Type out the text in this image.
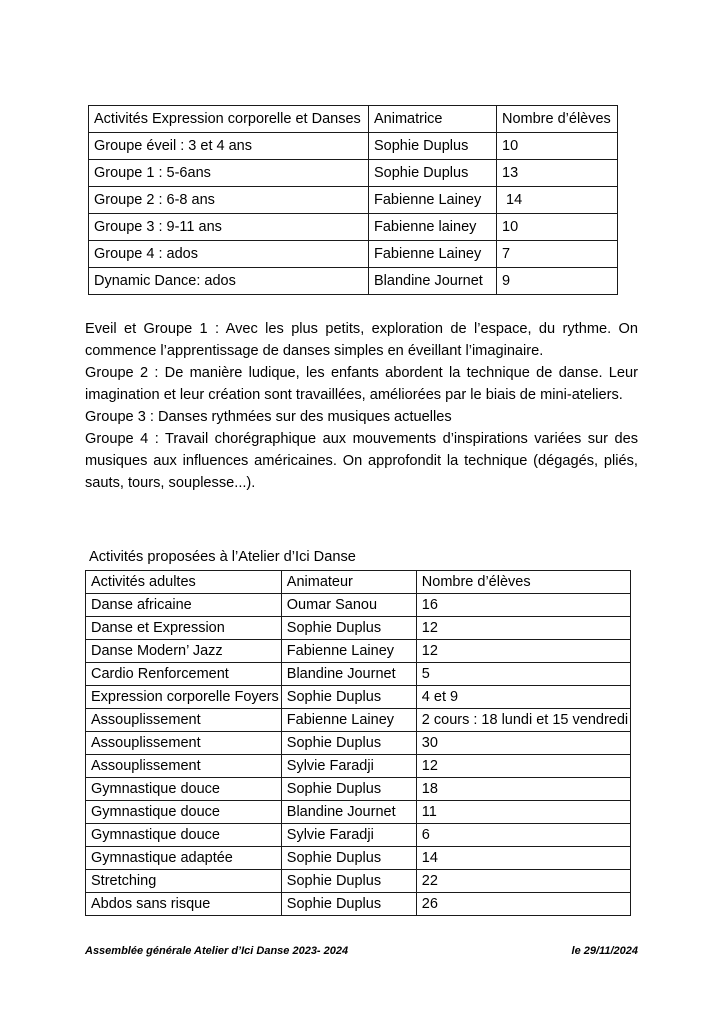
Activités Expression corporelle et Danses	Animatrice	Nombre d’élèves
Groupe éveil : 3 et 4 ans	Sophie Duplus	10
Groupe 1 : 5-6ans	Sophie Duplus	13
Groupe 2 : 6-8 ans	Fabienne Lainey	14
Groupe 3 : 9-11 ans	Fabienne lainey	10
Groupe 4 : ados	Fabienne Lainey	7
Dynamic Dance: ados	Blandine Journet	9

Eveil et Groupe 1 : Avec les plus petits, exploration de l’espace, du rythme. On commence l’apprentissage de danses simples en éveillant l’imaginaire.

Groupe 2 : De manière ludique, les enfants abordent la technique de danse. Leur imagination et leur création sont travaillées, améliorées par le biais de mini-ateliers.

Groupe 3 : Danses rythmées sur des musiques actuelles

Groupe 4 : Travail chorégraphique aux mouvements d’inspirations variées sur des musiques aux influences américaines. On approfondit la technique (dégagés, pliés, sauts, tours, souplesse...).

Activités proposées à l’Atelier d’Ici Danse
Activités adultes	Animateur	Nombre d’élèves
Danse africaine	Oumar Sanou	16
Danse et Expression	Sophie Duplus	12
Danse Modern’ Jazz	Fabienne Lainey	12
Cardio Renforcement	Blandine Journet	5
Expression corporelle Foyers	Sophie Duplus	4 et 9
Assouplissement	Fabienne Lainey	2 cours : 18 lundi et 15 vendredi
Assouplissement	Sophie Duplus	30
Assouplissement	Sylvie Faradji	12
Gymnastique douce	Sophie Duplus	18
Gymnastique douce	Blandine Journet	11
Gymnastique douce	Sylvie Faradji	6
Gymnastique adaptée	Sophie Duplus	14
Stretching	Sophie Duplus	22
Abdos sans risque	Sophie Duplus	26
Assemblée générale Atelier d’Ici Danse 2023- 2024	le 29/11/2024
